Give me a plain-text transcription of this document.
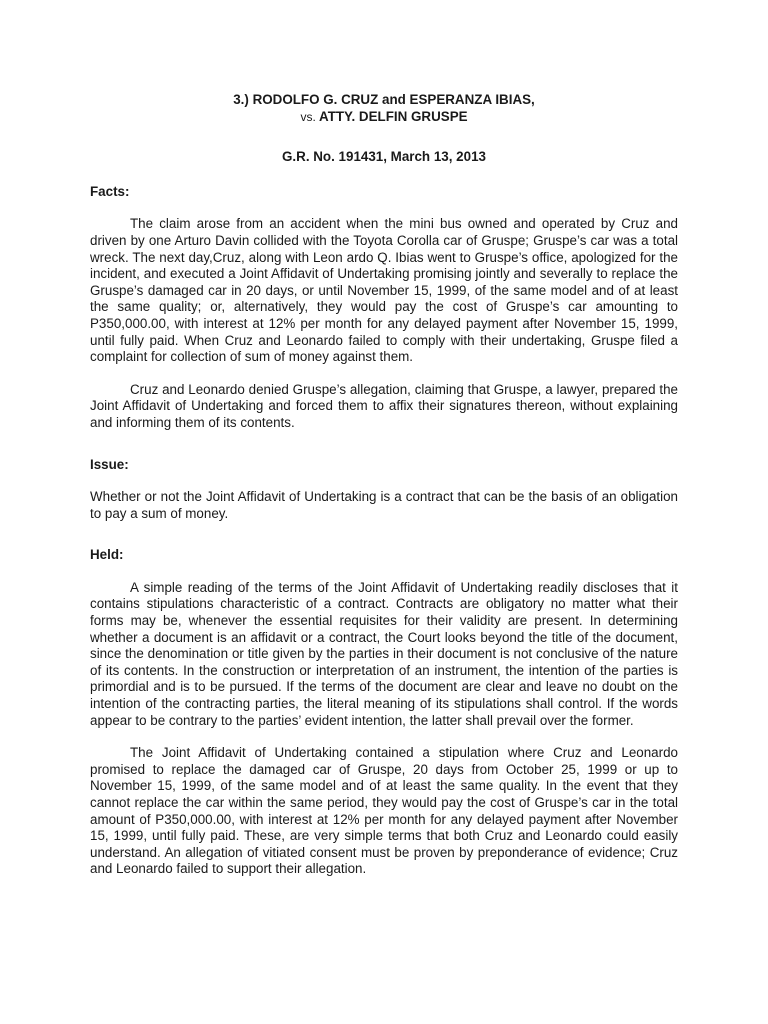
3.) RODOLFO G. CRUZ and ESPERANZA IBIAS,
vs. ATTY. DELFIN GRUSPE

G.R. No. 191431, March 13, 2013

Facts:

The claim arose from an accident when the mini bus owned and operated by Cruz and driven by one Arturo Davin collided with the Toyota Corolla car of Gruspe; Gruspe’s car was a total wreck. The next day,Cruz, along with Leon ardo Q. Ibias went to Gruspe’s office, apologized for the incident, and executed a Joint Affidavit of Undertaking promising jointly and severally to replace the Gruspe’s damaged car in 20 days, or until November 15, 1999, of the same model and of at least the same quality; or, alternatively, they would pay the cost of Gruspe’s car amounting to P350,000.00, with interest at 12% per month for any delayed payment after November 15, 1999, until fully paid. When Cruz and Leonardo failed to comply with their undertaking, Gruspe filed a complaint for collection of sum of money against them.

Cruz and Leonardo denied Gruspe’s allegation, claiming that Gruspe, a lawyer, prepared the Joint Affidavit of Undertaking and forced them to affix their signatures thereon, without explaining and informing them of its contents.

Issue:

Whether or not the Joint Affidavit of Undertaking is a contract that can be the basis of an obligation to pay a sum of money.

Held:

A simple reading of the terms of the Joint Affidavit of Undertaking readily discloses that it contains stipulations characteristic of a contract. Contracts are obligatory no matter what their forms may be, whenever the essential requisites for their validity are present. In determining whether a document is an affidavit or a contract, the Court looks beyond the title of the document, since the denomination or title given by the parties in their document is not conclusive of the nature of its contents. In the construction or interpretation of an instrument, the intention of the parties is primordial and is to be pursued. If the terms of the document are clear and leave no doubt on the intention of the contracting parties, the literal meaning of its stipulations shall control. If the words appear to be contrary to the parties’ evident intention, the latter shall prevail over the former.

The Joint Affidavit of Undertaking contained a stipulation where Cruz and Leonardo promised to replace the damaged car of Gruspe, 20 days from October 25, 1999 or up to November 15, 1999, of the same model and of at least the same quality. In the event that they cannot replace the car within the same period, they would pay the cost of Gruspe’s car in the total amount of P350,000.00, with interest at 12% per month for any delayed payment after November 15, 1999, until fully paid. These, are very simple terms that both Cruz and Leonardo could easily understand. An allegation of vitiated consent must be proven by preponderance of evidence; Cruz and Leonardo failed to support their allegation.
